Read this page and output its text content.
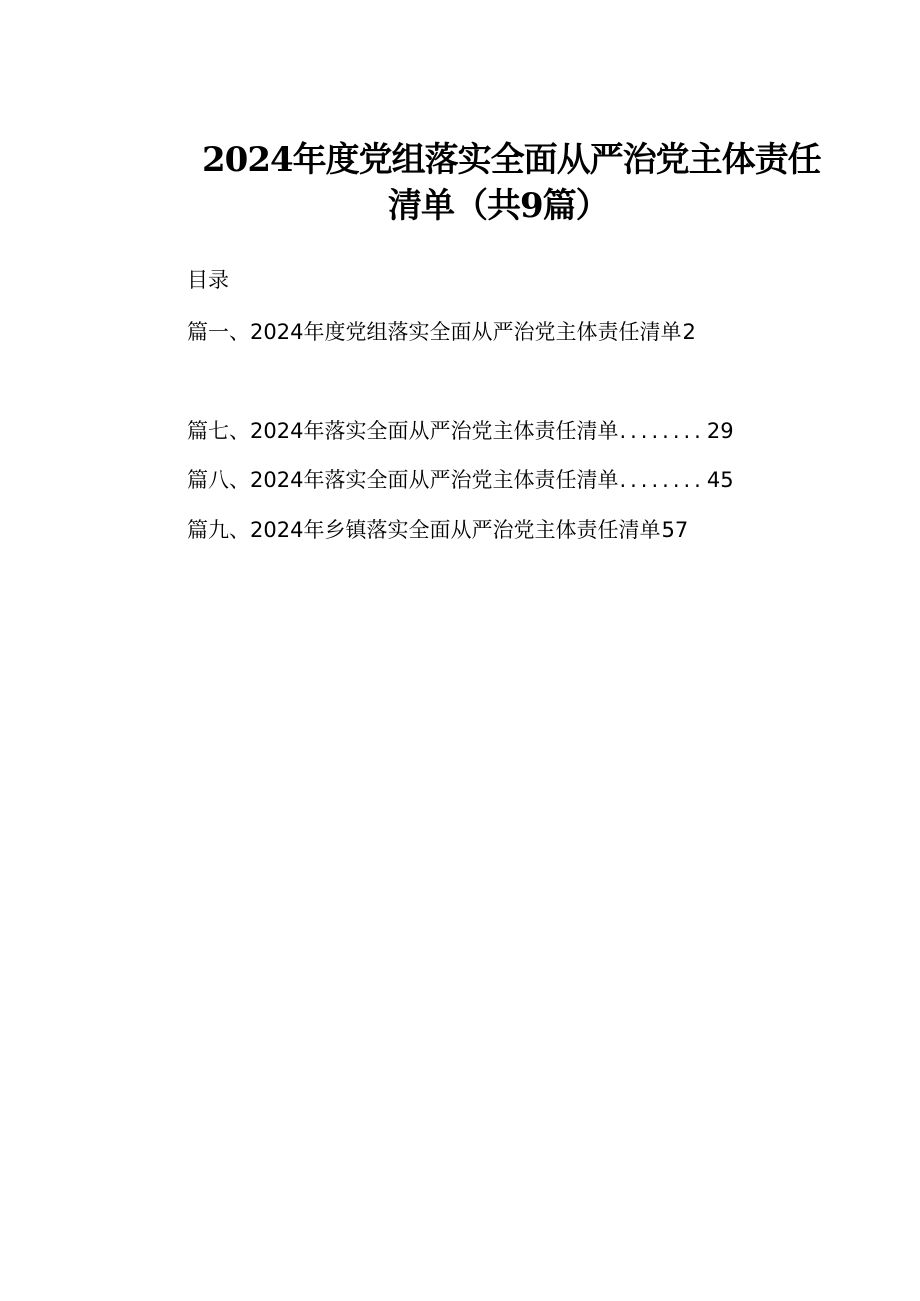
2024年度党组落实全面从严治党主体责任
清单（共9篇）
目录
篇一、2024年度党组落实全面从严治党主体责任清单 2
篇七、2024年落实全面从严治党主体责任清单 ........ 29
篇八、2024年落实全面从严治党主体责任清单 ........ 45
篇九、2024年乡镇落实全面从严治党主体责任清单 57
